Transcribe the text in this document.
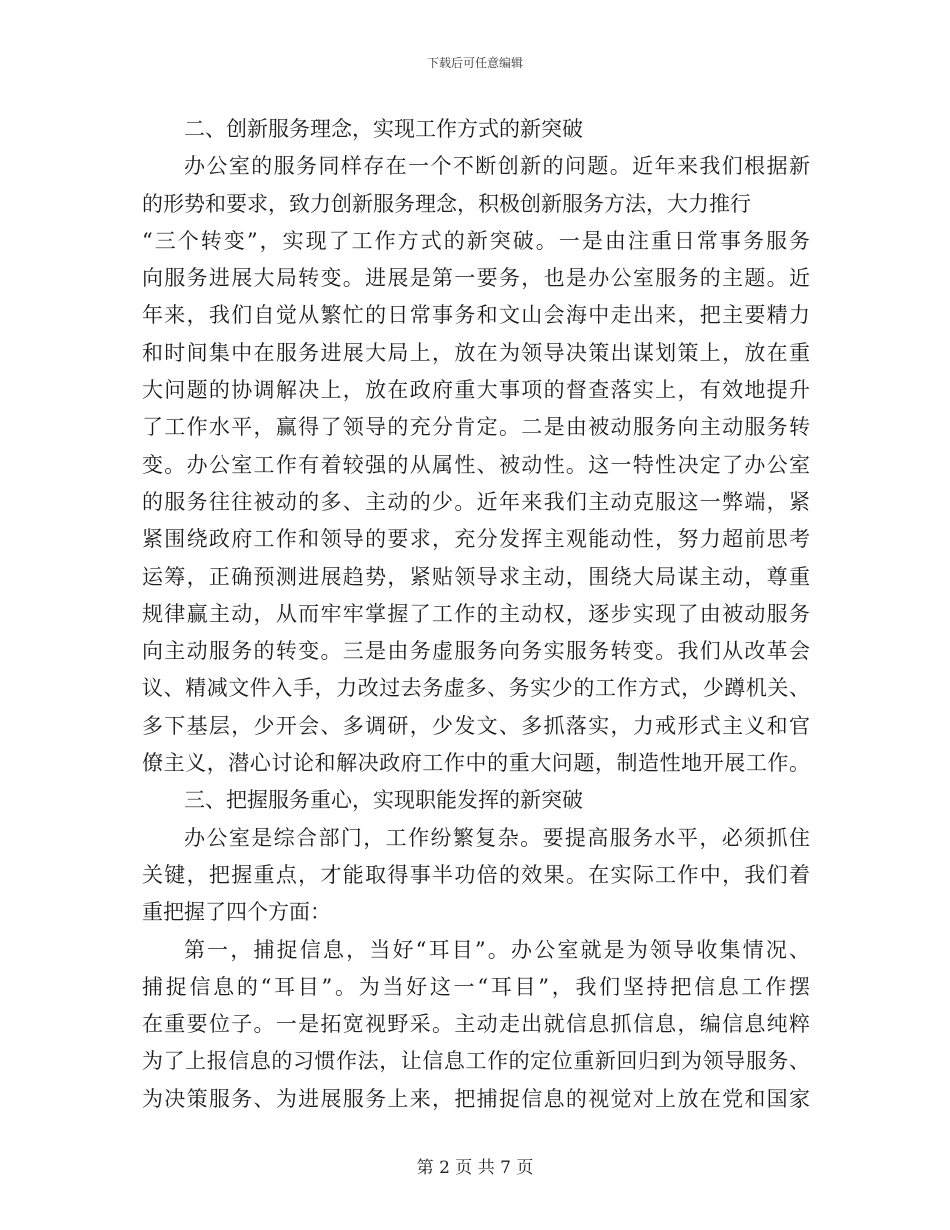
下载后可任意编辑
二、创新服务理念，实现工作方式的新突破
办公室的服务同样存在一个不断创新的问题。近年来我们根据新
的形势和要求，致力创新服务理念，积极创新服务方法，大力推行
“三个转变”，实现了工作方式的新突破。一是由注重日常事务服务
向服务进展大局转变。进展是第一要务，也是办公室服务的主题。近
年来，我们自觉从繁忙的日常事务和文山会海中走出来，把主要精力
和时间集中在服务进展大局上，放在为领导决策出谋划策上，放在重
大问题的协调解决上，放在政府重大事项的督查落实上，有效地提升
了工作水平，赢得了领导的充分肯定。二是由被动服务向主动服务转
变。办公室工作有着较强的从属性、被动性。这一特性决定了办公室
的服务往往被动的多、主动的少。近年来我们主动克服这一弊端，紧
紧围绕政府工作和领导的要求，充分发挥主观能动性，努力超前思考
运筹，正确预测进展趋势，紧贴领导求主动，围绕大局谋主动，尊重
规律赢主动，从而牢牢掌握了工作的主动权，逐步实现了由被动服务
向主动服务的转变。三是由务虚服务向务实服务转变。我们从改革会
议、精减文件入手，力改过去务虚多、务实少的工作方式，少蹲机关、
多下基层，少开会、多调研，少发文、多抓落实，力戒形式主义和官
僚主义，潜心讨论和解决政府工作中的重大问题，制造性地开展工作。
三、把握服务重心，实现职能发挥的新突破
办公室是综合部门，工作纷繁复杂。要提高服务水平，必须抓住
关键，把握重点，才能取得事半功倍的效果。在实际工作中，我们着
重把握了四个方面：
第一，捕捉信息，当好“耳目”。办公室就是为领导收集情况、
捕捉信息的“耳目”。为当好这一“耳目”，我们坚持把信息工作摆
在重要位子。一是拓宽视野采。主动走出就信息抓信息，编信息纯粹
为了上报信息的习惯作法，让信息工作的定位重新回归到为领导服务、
为决策服务、为进展服务上来，把捕捉信息的视觉对上放在党和国家
第 2 页 共 7 页
